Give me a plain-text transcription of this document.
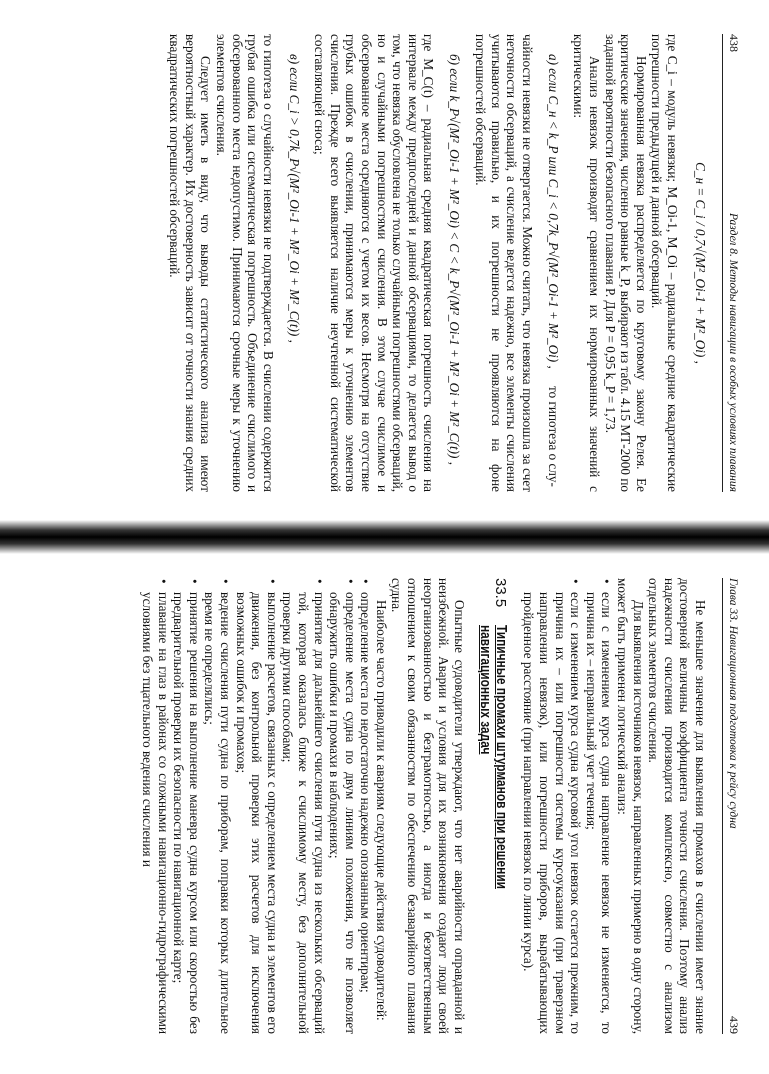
438
Раздел 8. Методы навигации в особых условиях плавания
C_н = C_i / 0,7√(M²_Оi-1 + M²_Оi) ,

где C_i – модуль невязки; M_Oi-1, M_Oi – радиальные средние квадратические погрешности предыдущей и данной обсерваций.

Нормированная невязка распределяется по круговому закону Релея. Ее критические значения, численно равные k_P, выбирают из табл. 4.15 МТ-2000 по заданной вероятности безопасного плавания P. Для P = 0,95 k_P = 1,73.

Анализ невязок производят сравнением их нормированных значений с критическими:

а) если C_н < k_P или C_i < 0,7k_P√(M²_Оi-1 + M²_Оi) , то гипотеза о слу-

чайности невязки не отвергается. Можно считать, что невязка произошла за счет неточности обсерваций, а счисление ведется надежно, все элементы счисления учитываются правильно, и их погрешности не проявляются на фоне погрешностей обсерваций.

б) если k_P√(M²_Оi-1 + M²_Оi) < C < k_P√(M²_Оi-1 + M²_Оi + M²_C(t)) ,

где M_C(t) – радиальная средняя квадратическая погрешность счисления на интервале между предпоследней и данной обсервациями, то делается вывод о том, что невязка обусловлена не только случайными погрешностями обсерваций, но и случайными погрешностями счисления. В этом случае счислимое и обсервованное места осредняются с учетом их весов. Несмотря на отсутствие грубых ошибок в счислении, принимаются меры к уточнению элементов счисления. Прежде всего выявляется наличие неучтенной систематической составляющей сноса;

в) если C_i > 0,7k_P√(M²_Оi-1 + M²_Оi + M²_C(t)) ,

то гипотеза о случайности невязки не подтверждается. В счислении содержится грубая ошибка или систематическая погрешность. Объединение счислимого и обсервованного места недопустимо. Принимаются срочные меры к уточнению элементов счисления.

Следует иметь в виду, что выводы статистического анализа имеют вероятностный характер. Их достоверность зависит от точности знания средних квадратических погрешностей обсерваций.

Глава 33. Навигационная подготовка к рейсу судна
439

Не меньшее значение для выявления промахов в счислении имеет знание достоверной величины коэффициента точности счисления. Поэтому анализ надежности счисления производится комплексно, совместно с анализом отдельных элементов счисления.

Для выявления источников невязок, направленных примерно в одну сторону, может быть применен логический анализ:

• если с изменением курса судна направление невязок не изменяется, то причина их – неправильный учет течения;
• если с изменением курса судна курсовой угол невязок остается прежним, то причина их – или погрешности системы курсоуказания (при траверзном направлении невязок), или погрешности приборов, вырабатывающих пройденное расстояние (при направлении невязок по линии курса).
33.5
Типичные промахи штурманов при решении навигационных задач

Опытные судоводители утверждают, что нет аварийности оправданной и неизбежной. Аварии и условия для их возникновения создают люди своей неорганизованностью и безграмотностью, а иногда и безответственным отношением к своим обязанностям по обеспечению безаварийного плавания судна.

Наиболее часто приводили к авариям следующие действия судоводителей:

• определение места по недостаточно надежно опознанным ориентирам;
• определение места судна по двум линиям положения, что не позволяет обнаружить ошибки и промахи в наблюдениях;
• принятие для дальнейшего счисления пути судна из нескольких обсерваций той, которая оказалась ближе к счислимому месту, без дополнительной проверки другими способами;
• выполнение расчетов, связанных с определением места судна и элементов его движения, без контрольной проверки этих расчетов для исключения возможных ошибок и промахов;
• ведение счисления пути судна по приборам, поправки которых длительное время не определялись;
• принятие решения на выполнение маневра судна курсом или скоростью без предварительной проверки их безопасности по навигационной карте;
• плавание на глаз в районах со сложными навигационно-гидрографическими условиями без тщательного ведения счисления и
